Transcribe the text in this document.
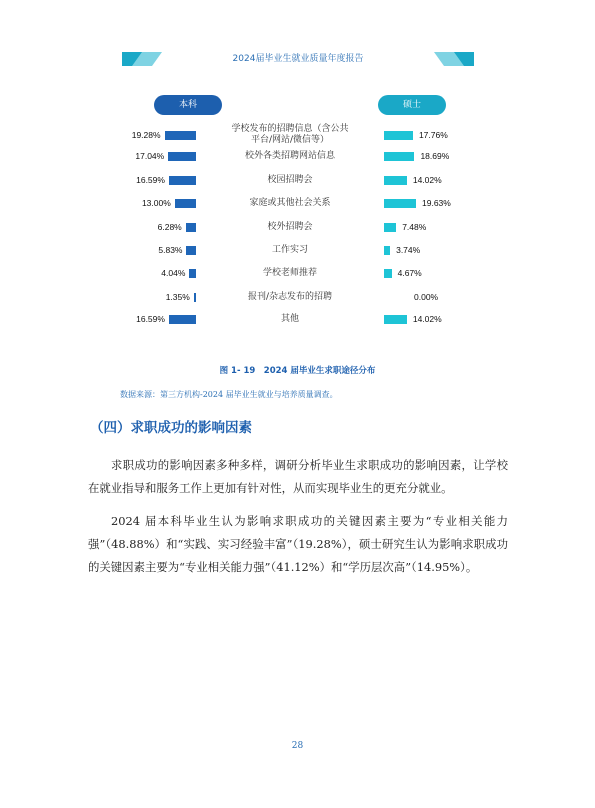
2024届毕业生就业质量年度报告
本科	硕士
19.28%	17.76%
学校发布的招聘信息（含公共平台/网站/微信等）
17.04%	18.69%
校外各类招聘网站信息
16.59%	14.02%
校园招聘会
13.00%	19.63%
家庭或其他社会关系
6.28%	7.48%
校外招聘会
5.83%	3.74%
工作实习
4.04%	4.67%
学校老师推荐
1.35%	0.00%
报刊/杂志发布的招聘
16.59%	14.02%
其他
图 1- 19　2024 届毕业生求职途径分布
数据来源：第三方机构-2024 届毕业生就业与培养质量调查。
（四）求职成功的影响因素
求职成功的影响因素多种多样，调研分析毕业生求职成功的影响因素，让学校在就业指导和服务工作上更加有针对性，从而实现毕业生的更充分就业。
2024 届本科毕业生认为影响求职成功的关键因素主要为“专业相关能力强”（48.88%）和“实践、实习经验丰富”（19.28%），硕士研究生认为影响求职成功的关键因素主要为“专业相关能力强”（41.12%）和“学历层次高”（14.95%）。
28
